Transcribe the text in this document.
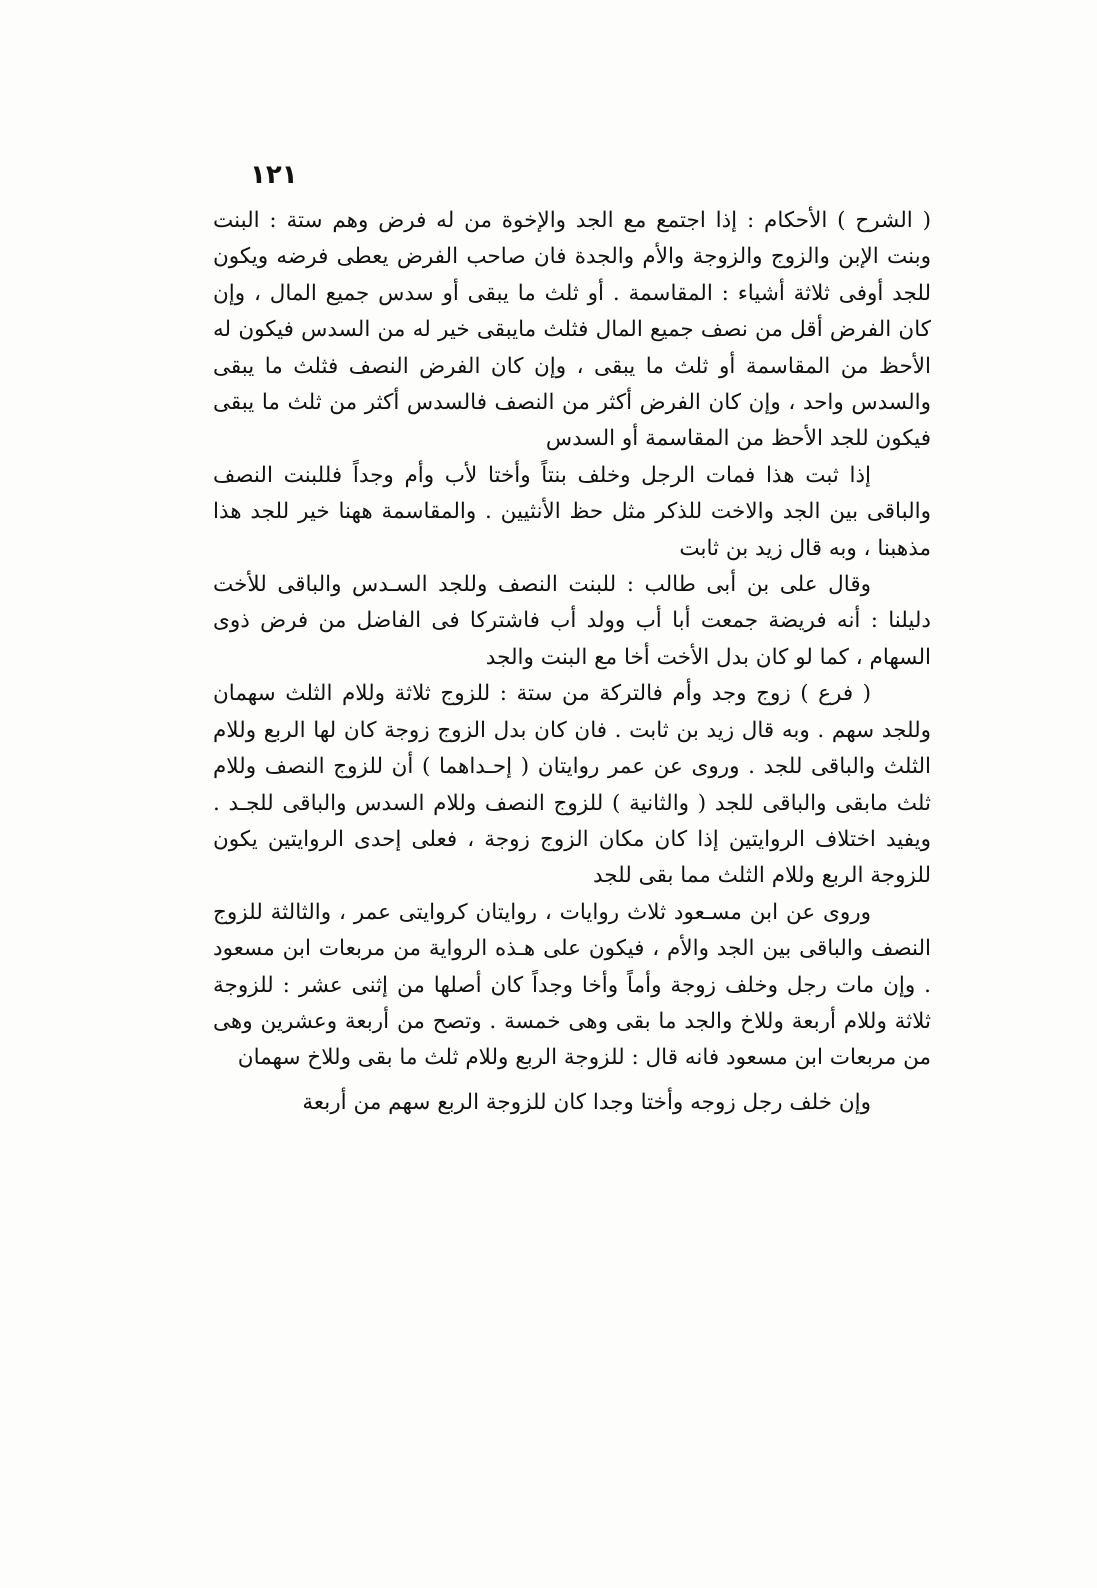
١٢١

( الشرح ) الأحكام : إذا اجتمع مع الجد والإخوة من له فرض وهم ستة : البنت وبنت الإبن والزوج والزوجة والأم والجدة فان صاحب الفرض يعطى فرضه ويكون للجد أوفى ثلاثة أشياء : المقاسمة . أو ثلث ما يبقى أو سدس جميع المال ، وإن كان الفرض أقل من نصف جميع المال فثلث مايبقى خير له من السدس فيكون له الأحظ من المقاسمة أو ثلث ما يبقى ، وإن كان الفرض النصف فثلث ما يبقى والسدس واحد ، وإن كان الفرض أكثر من النصف فالسدس أكثر من ثلث ما يبقى فيكون للجد الأحظ من المقاسمة أو السدس

إذا ثبت هذا فمات الرجل وخلف بنتاً وأختا لأب وأم وجداً فللبنت النصف والباقى بين الجد والاخت للذكر مثل حظ الأنثيين . والمقاسمة ههنا خير للجد هذا مذهبنا ، وبه قال زيد بن ثابت

وقال على بن أبى طالب : للبنت النصف وللجد السـدس والباقى للأخت دليلنا : أنه فريضة جمعت أبا أب وولد أب فاشتركا فى الفاضل من فرض ذوى السهام ، كما لو كان بدل الأخت أخا مع البنت والجد

( فرع ) زوج وجد وأم فالتركة من ستة : للزوج ثلاثة وللام الثلث سهمان وللجد سهم . وبه قال زيد بن ثابت . فان كان بدل الزوج زوجة كان لها الربع وللام الثلث والباقى للجد . وروى عن عمر روايتان ( إحـداهما ) أن للزوج النصف وللام ثلث مابقى والباقى للجد ( والثانية ) للزوج النصف وللام السدس والباقى للجـد . ويفيد اختلاف الروايتين إذا كان مكان الزوج زوجة ، فعلى إحدى الروايتين يكون للزوجة الربع وللام الثلث مما بقى للجد

وروى عن ابن مسـعود ثلاث روايات ، روايتان كروايتى عمر ، والثالثة للزوج النصف والباقى بين الجد والأم ، فيكون على هـذه الرواية من مربعات ابن مسعود . وإن مات رجل وخلف زوجة وأماً وأخا وجداً كان أصلها من إثنى عشر : للزوجة ثلاثة وللام أربعة وللاخ والجد ما بقى وهى خمسة . وتصح من أربعة وعشرين وهى من مربعات ابن مسعود فانه قال : للزوجة الربع وللام ثلث ما بقى وللاخ سهمان

وإن خلف رجل زوجه وأختا وجدا كان للزوجة الربع سهم من أربعة
